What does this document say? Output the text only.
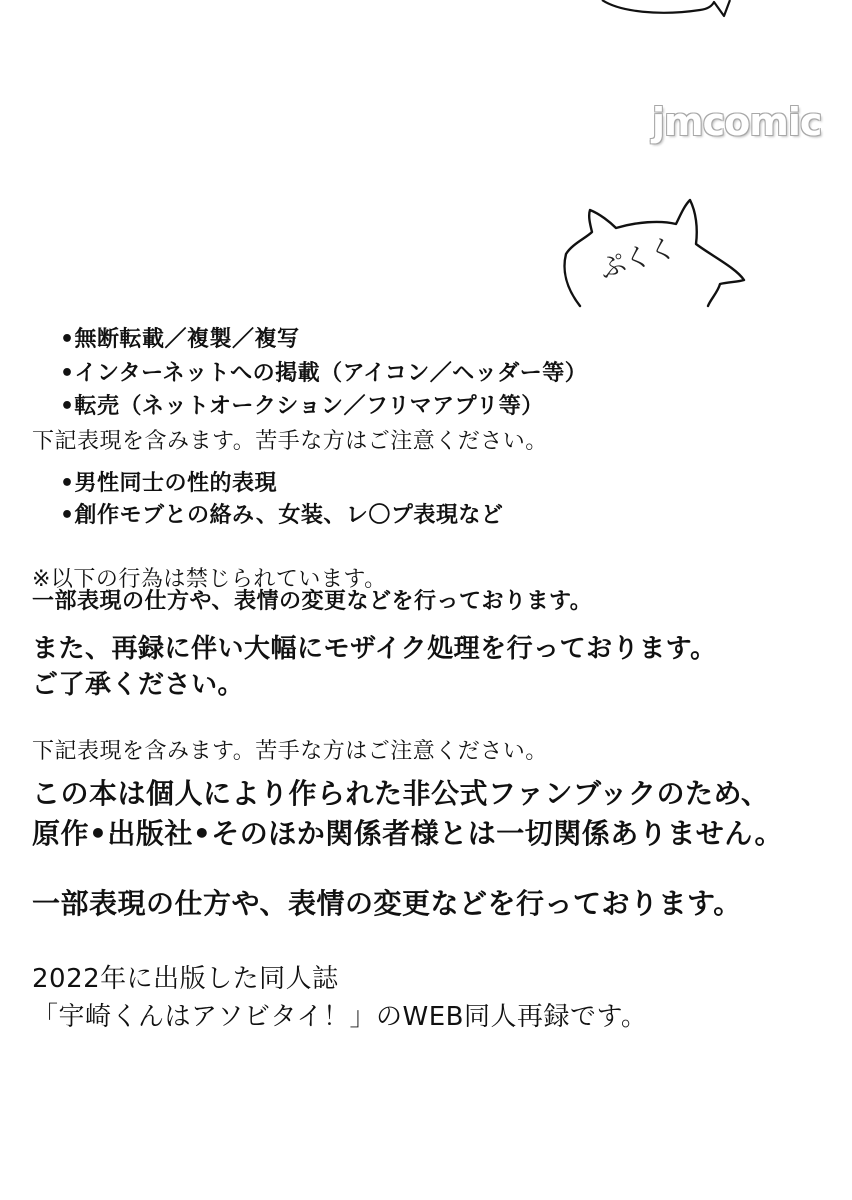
jmcomic
ぷくく
•無断転載／複製／複写
•インターネットへの掲載（アイコン／ヘッダー等）
•転売（ネットオークション／フリマアプリ等）
下記表現を含みます。苦手な方はご注意ください。
•男性同士の性的表現
•創作モブとの絡み、女装、レ〇プ表現など
※以下の行為は禁じられています。
一部表現の仕方や、表情の変更などを行っております。
また、再録に伴い大幅にモザイク処理を行っております。
ご了承ください。
下記表現を含みます。苦手な方はご注意ください。
この本は個人により作られた非公式ファンブックのため、
原作•出版社•そのほか関係者様とは一切関係ありません。
一部表現の仕方や、表情の変更などを行っております。
2022年に出版した同人誌
「宇崎くんはアソビタイ！」のWEB同人再録です。
